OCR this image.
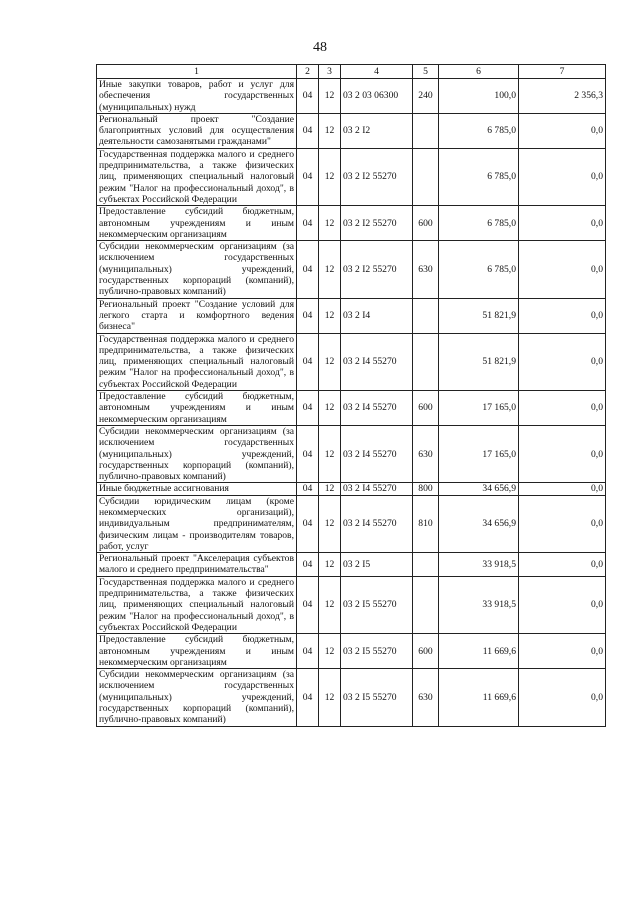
48
1	2	3	4	5	6	7
Иные закупки товаров, работ и услуг для обеспечения государственных (муниципальных) нужд	04	12	03 2 03 06300	240	100,0	2 356,3
Региональный проект "Создание благоприятных условий для осуществления деятельности самозанятыми гражданами"	04	12	03 2 I2		6 785,0	0,0
Государственная поддержка малого и среднего предпринимательства, а также физических лиц, применяющих специальный налоговый режим "Налог на профессиональный доход", в субъектах Российской Федерации	04	12	03 2 I2 55270		6 785,0	0,0
Предоставление субсидий бюджетным, автономным учреждениям и иным некоммерческим организациям	04	12	03 2 I2 55270	600	6 785,0	0,0
Субсидии некоммерческим организациям (за исключением государственных (муниципальных) учреждений, государственных корпораций (компаний), публично-правовых компаний)	04	12	03 2 I2 55270	630	6 785,0	0,0
Региональный проект "Создание условий для легкого старта и комфортного ведения бизнеса"	04	12	03 2 I4		51 821,9	0,0
Государственная поддержка малого и среднего предпринимательства, а также физических лиц, применяющих специальный налоговый режим "Налог на профессиональный доход", в субъектах Российской Федерации	04	12	03 2 I4 55270		51 821,9	0,0
Предоставление субсидий бюджетным, автономным учреждениям и иным некоммерческим организациям	04	12	03 2 I4 55270	600	17 165,0	0,0
Субсидии некоммерческим организациям (за исключением государственных (муниципальных) учреждений, государственных корпораций (компаний), публично-правовых компаний)	04	12	03 2 I4 55270	630	17 165,0	0,0
Иные бюджетные ассигнования	04	12	03 2 I4 55270	800	34 656,9	0,0
Субсидии юридическим лицам (кроме некоммерческих организаций), индивидуальным предпринимателям, физическим лицам - производителям товаров, работ, услуг	04	12	03 2 I4 55270	810	34 656,9	0,0
Региональный проект "Акселерация субъектов малого и среднего предпринимательства"	04	12	03 2 I5		33 918,5	0,0
Государственная поддержка малого и среднего предпринимательства, а также физических лиц, применяющих специальный налоговый режим "Налог на профессиональный доход", в субъектах Российской Федерации	04	12	03 2 I5 55270		33 918,5	0,0
Предоставление субсидий бюджетным, автономным учреждениям и иным некоммерческим организациям	04	12	03 2 I5 55270	600	11 669,6	0,0
Субсидии некоммерческим организациям (за исключением государственных (муниципальных) учреждений, государственных корпораций (компаний), публично-правовых компаний)	04	12	03 2 I5 55270	630	11 669,6	0,0
